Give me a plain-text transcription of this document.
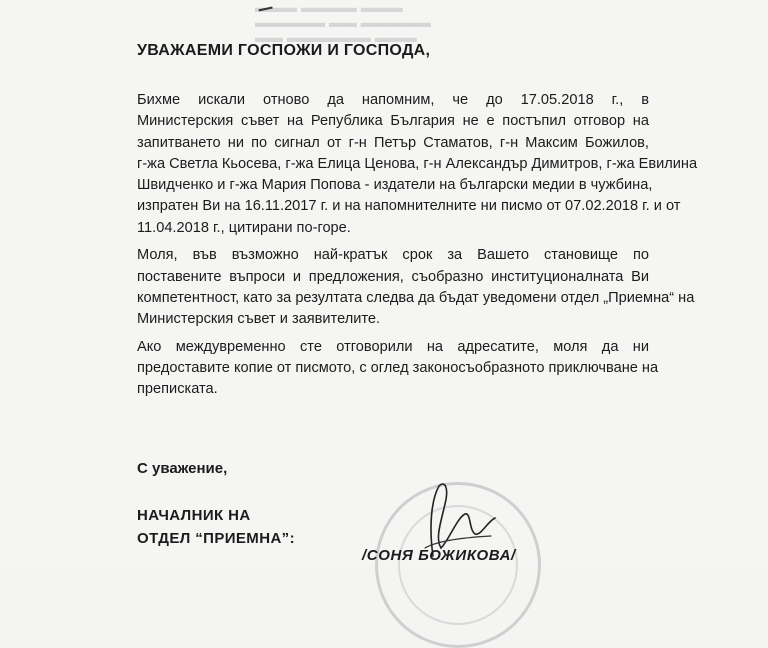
▬▬▬ ▬▬▬▬ ▬▬▬
▬▬▬▬▬ ▬▬ ▬▬▬▬▬
▬▬ ▬▬▬▬▬▬ ▬▬▬
УВАЖАЕМИ ГОСПОЖИ И ГОСПОДА,
Бихме искали отново да напомним, че до 17.05.2018 г., в
Министерския съвет на Република България не е постъпил отговор на
запитването ни по сигнал от г-н Петър Стаматов, г-н Максим Божилов,
г-жа Светла Кьосева, г-жа Елица Ценова, г-н Александър Димитров, г-жа Евилина
Швидченко и г-жа Мария Попова - издатели на български медии в чужбина,
изпратен Ви на 16.11.2017 г. и на напомнителните ни писмо от 07.02.2018 г. и от
11.04.2018 г., цитирани по-горе.
Моля, във възможно най-кратък срок за Вашето становище по
поставените въпроси и предложения, съобразно институционалната Ви
компетентност, като за резултата следва да бъдат уведомени отдел „Приемна“ на
Министерския съвет и заявителите.
Ако междувременно сте отговорили на адресатите, моля да ни
предоставите копие от писмото, с оглед законосъобразното приключване на
преписката.
С уважение,
НАЧАЛНИК НА
ОТДЕЛ “ПРИЕМНА”:
/СОНЯ БОЖИКОВА/
